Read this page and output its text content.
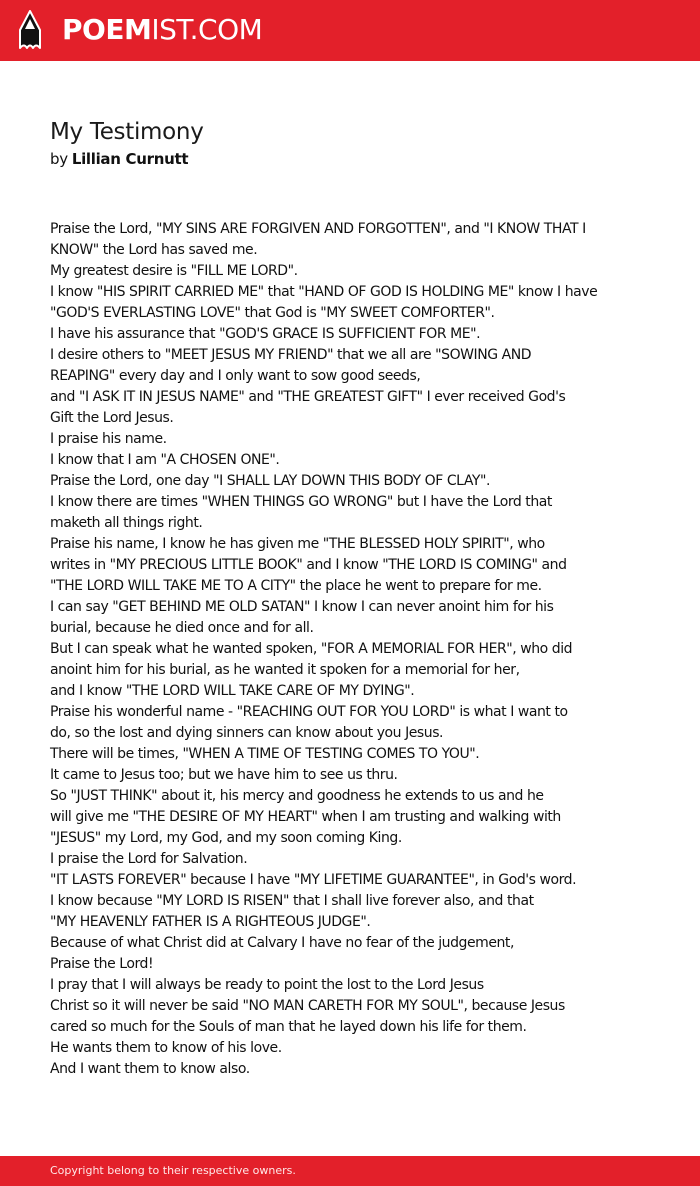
POEMIST.COM
My Testimony
by Lillian Curnutt
Praise the Lord, "MY SINS ARE FORGIVEN AND FORGOTTEN", and "I KNOW THAT I
KNOW" the Lord has saved me.
My greatest desire is "FILL ME LORD".
I know "HIS SPIRIT CARRIED ME" that "HAND OF GOD IS HOLDING ME" know I have
"GOD'S EVERLASTING LOVE" that God is "MY SWEET COMFORTER".
I have his assurance that "GOD'S GRACE IS SUFFICIENT FOR ME".
I desire others to "MEET JESUS MY FRIEND" that we all are "SOWING AND
REAPING" every day and I only want to sow good seeds,
and "I ASK IT IN JESUS NAME" and "THE GREATEST GIFT" I ever received God's
Gift the Lord Jesus.
I praise his name.
I know that I am "A CHOSEN ONE".
Praise the Lord, one day "I SHALL LAY DOWN THIS BODY OF CLAY".
I know there are times "WHEN THINGS GO WRONG" but I have the Lord that
maketh all things right.
Praise his name, I know he has given me "THE BLESSED HOLY SPIRIT", who
writes in "MY PRECIOUS LITTLE BOOK" and I know "THE LORD IS COMING" and
"THE LORD WILL TAKE ME TO A CITY" the place he went to prepare for me.
I can say "GET BEHIND ME OLD SATAN" I know I can never anoint him for his
burial, because he died once and for all.
But I can speak what he wanted spoken, "FOR A MEMORIAL FOR HER", who did
anoint him for his burial, as he wanted it spoken for a memorial for her,
and I know "THE LORD WILL TAKE CARE OF MY DYING".
Praise his wonderful name - "REACHING OUT FOR YOU LORD" is what I want to
do, so the lost and dying sinners can know about you Jesus.
There will be times, "WHEN A TIME OF TESTING COMES TO YOU".
It came to Jesus too; but we have him to see us thru.
So "JUST THINK" about it, his mercy and goodness he extends to us and he
will give me "THE DESIRE OF MY HEART" when I am trusting and walking with
"JESUS" my Lord, my God, and my soon coming King.
I praise the Lord for Salvation.
"IT LASTS FOREVER" because I have "MY LIFETIME GUARANTEE", in God's word.
I know because "MY LORD IS RISEN" that I shall live forever also, and that
"MY HEAVENLY FATHER IS A RIGHTEOUS JUDGE".
Because of what Christ did at Calvary I have no fear of the judgement,
Praise the Lord!
I pray that I will always be ready to point the lost to the Lord Jesus
Christ so it will never be said "NO MAN CARETH FOR MY SOUL", because Jesus
cared so much for the Souls of man that he layed down his life for them.
He wants them to know of his love.
And I want them to know also.
Copyright belong to their respective owners.
